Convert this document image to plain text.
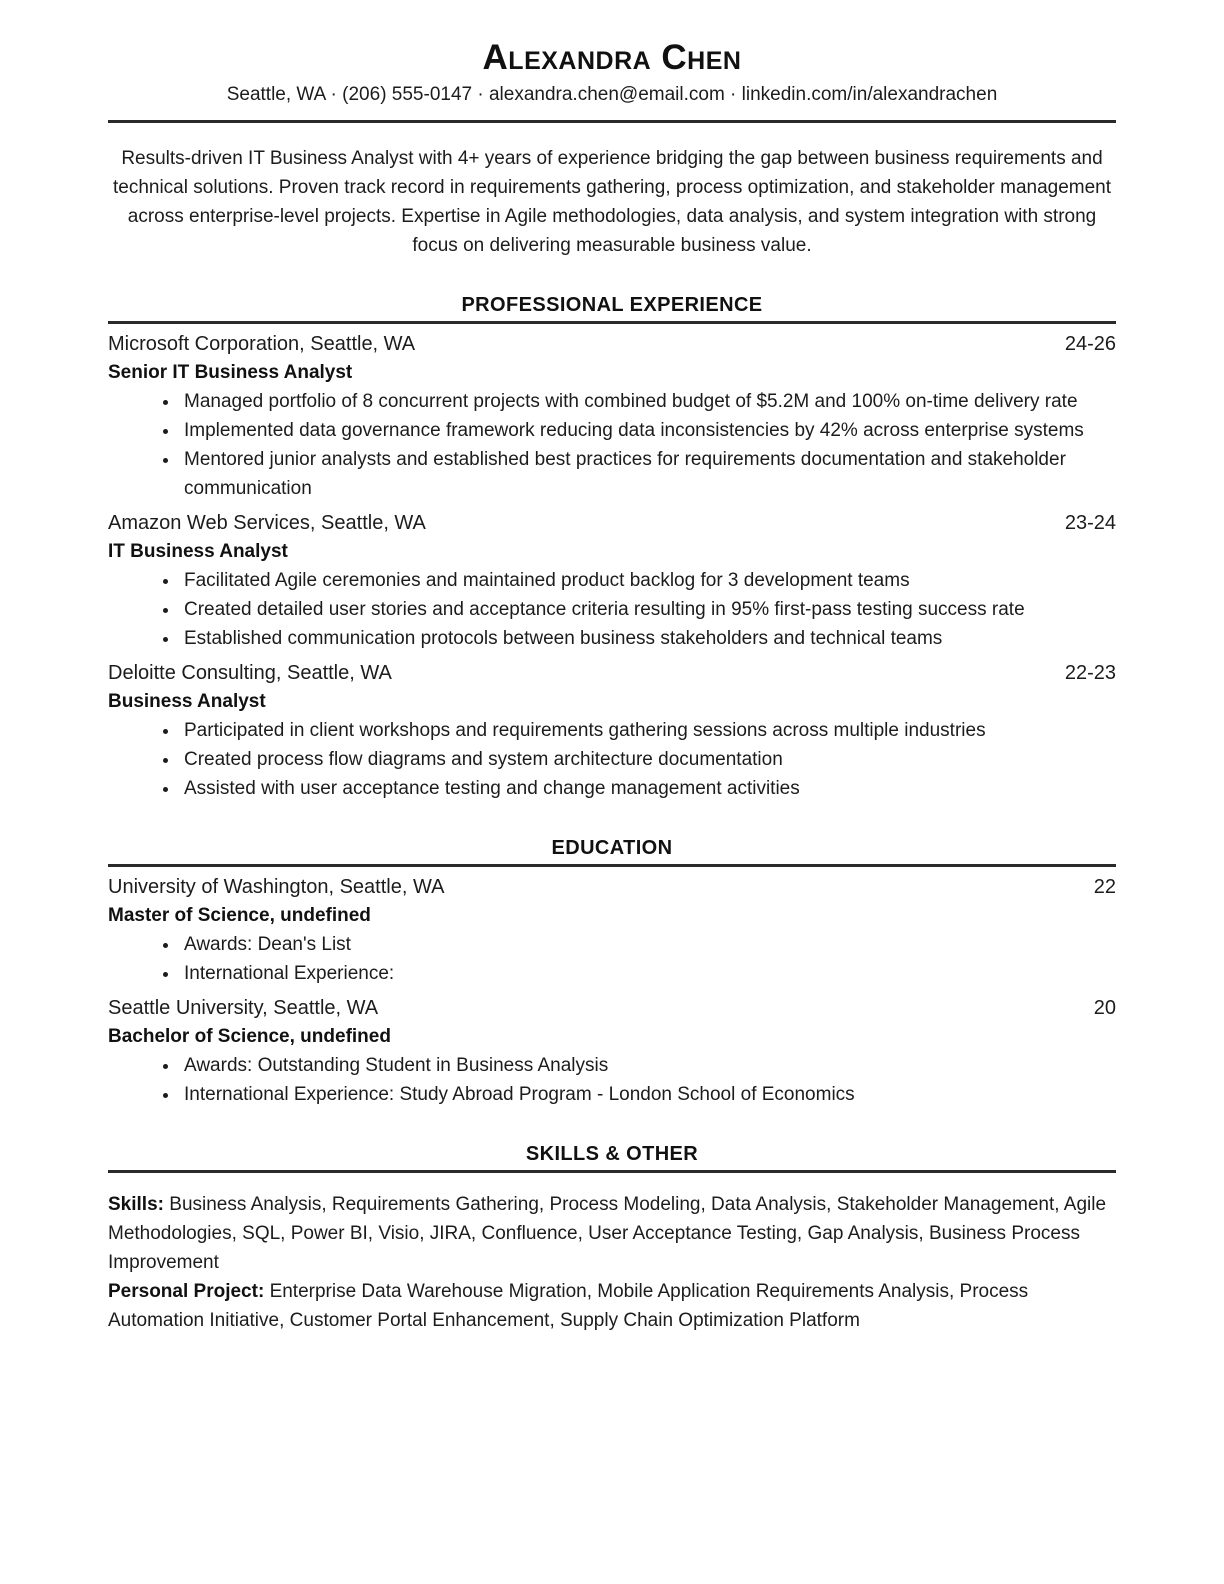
Alexandra Chen
Seattle, WA · (206) 555-0147 · alexandra.chen@email.com · linkedin.com/in/alexandrachen

Results-driven IT Business Analyst with 4+ years of experience bridging the gap between business requirements and technical solutions. Proven track record in requirements gathering, process optimization, and stakeholder management across enterprise-level projects. Expertise in Agile methodologies, data analysis, and system integration with strong focus on delivering measurable business value.

PROFESSIONAL EXPERIENCE
Microsoft Corporation, Seattle, WA	24-26
Senior IT Business Analyst
• Managed portfolio of 8 concurrent projects with combined budget of $5.2M and 100% on-time delivery rate
• Implemented data governance framework reducing data inconsistencies by 42% across enterprise systems
• Mentored junior analysts and established best practices for requirements documentation and stakeholder communication
Amazon Web Services, Seattle, WA	23-24
IT Business Analyst
• Facilitated Agile ceremonies and maintained product backlog for 3 development teams
• Created detailed user stories and acceptance criteria resulting in 95% first-pass testing success rate
• Established communication protocols between business stakeholders and technical teams
Deloitte Consulting, Seattle, WA	22-23
Business Analyst
• Participated in client workshops and requirements gathering sessions across multiple industries
• Created process flow diagrams and system architecture documentation
• Assisted with user acceptance testing and change management activities
EDUCATION
University of Washington, Seattle, WA	22
Master of Science, undefined
• Awards: Dean's List
• International Experience:
Seattle University, Seattle, WA	20
Bachelor of Science, undefined
• Awards: Outstanding Student in Business Analysis
• International Experience: Study Abroad Program - London School of Economics
SKILLS & OTHER
Skills: Business Analysis, Requirements Gathering, Process Modeling, Data Analysis, Stakeholder Management, Agile Methodologies, SQL, Power BI, Visio, JIRA, Confluence, User Acceptance Testing, Gap Analysis, Business Process Improvement
Personal Project: Enterprise Data Warehouse Migration, Mobile Application Requirements Analysis, Process Automation Initiative, Customer Portal Enhancement, Supply Chain Optimization Platform
